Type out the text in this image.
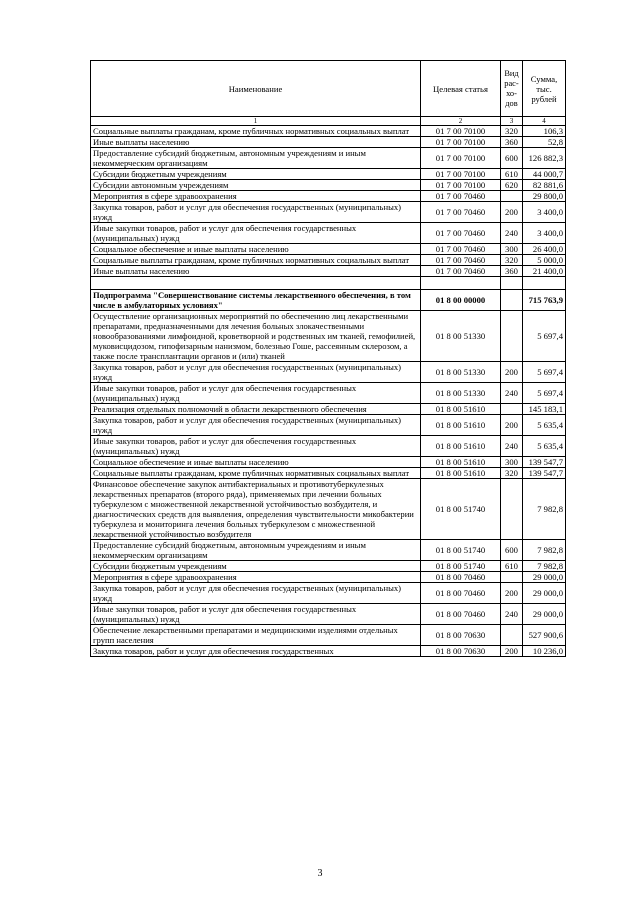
Наименование	Целевая статья	Вид рас-хо-дов	Сумма, тыс. рублей
1	2	3	4
Социальные выплаты гражданам, кроме публичных нормативных социальных выплат	01 7 00 70100	320	106,3
Иные выплаты населению	01 7 00 70100	360	52,8
Предоставление субсидий бюджетным, автономным учреждениям и иным некоммерческим организациям	01 7 00 70100	600	126 882,3
Субсидии бюджетным учреждениям	01 7 00 70100	610	44 000,7
Субсидии автономным учреждениям	01 7 00 70100	620	82 881,6
Мероприятия в сфере здравоохранения	01 7 00 70460		29 800,0
Закупка товаров, работ и услуг для обеспечения государственных (муниципальных) нужд	01 7 00 70460	200	3 400,0
Иные закупки товаров, работ и услуг для обеспечения государственных (муниципальных) нужд	01 7 00 70460	240	3 400,0
Социальное обеспечение и иные выплаты населению	01 7 00 70460	300	26 400,0
Социальные выплаты гражданам, кроме публичных нормативных социальных выплат	01 7 00 70460	320	5 000,0
Иные выплаты населению	01 7 00 70460	360	21 400,0

Подпрограмма "Совершенствование системы лекарственного обеспечения, в том числе в амбулаторных условиях"	01 8 00 00000		715 763,9
Осуществление организационных мероприятий по обеспечению лиц лекарственными препаратами, предназначенными для лечения больных злокачественными новообразованиями лимфоидной, кроветворной и родственных им тканей, гемофилией, муковисцидозом, гипофизарным нанизмом, болезнью Гоше, рассеянным склерозом, а также после трансплантации органов и (или) тканей	01 8 00 51330		5 697,4
Закупка товаров, работ и услуг для обеспечения государственных (муниципальных) нужд	01 8 00 51330	200	5 697,4
Иные закупки товаров, работ и услуг для обеспечения государственных (муниципальных) нужд	01 8 00 51330	240	5 697,4
Реализация отдельных полномочий в области лекарственного обеспечения	01 8 00 51610		145 183,1
Закупка товаров, работ и услуг для обеспечения государственных (муниципальных) нужд	01 8 00 51610	200	5 635,4
Иные закупки товаров, работ и услуг для обеспечения государственных (муниципальных) нужд	01 8 00 51610	240	5 635,4
Социальное обеспечение и иные выплаты населению	01 8 00 51610	300	139 547,7
Социальные выплаты гражданам, кроме публичных нормативных социальных выплат	01 8 00 51610	320	139 547,7
Финансовое обеспечение закупок антибактериальных и противотуберкулезных лекарственных препаратов (второго ряда), применяемых при лечении больных туберкулезом с множественной лекарственной устойчивостью возбудителя, и диагностических средств для выявления, определения чувствительности микобактерии туберкулеза и мониторинга лечения больных туберкулезом с множественной лекарственной устойчивостью возбудителя	01 8 00 51740		7 982,8
Предоставление субсидий бюджетным, автономным учреждениям и иным некоммерческим организациям	01 8 00 51740	600	7 982,8
Субсидии бюджетным учреждениям	01 8 00 51740	610	7 982,8
Мероприятия в сфере здравоохранения	01 8 00 70460		29 000,0
Закупка товаров, работ и услуг для обеспечения государственных (муниципальных) нужд	01 8 00 70460	200	29 000,0
Иные закупки товаров, работ и услуг для обеспечения государственных (муниципальных) нужд	01 8 00 70460	240	29 000,0
Обеспечение лекарственными препаратами и медицинскими изделиями отдельных групп населения	01 8 00 70630		527 900,6
Закупка товаров, работ и услуг для обеспечения государственных	01 8 00 70630	200	10 236,0
3
